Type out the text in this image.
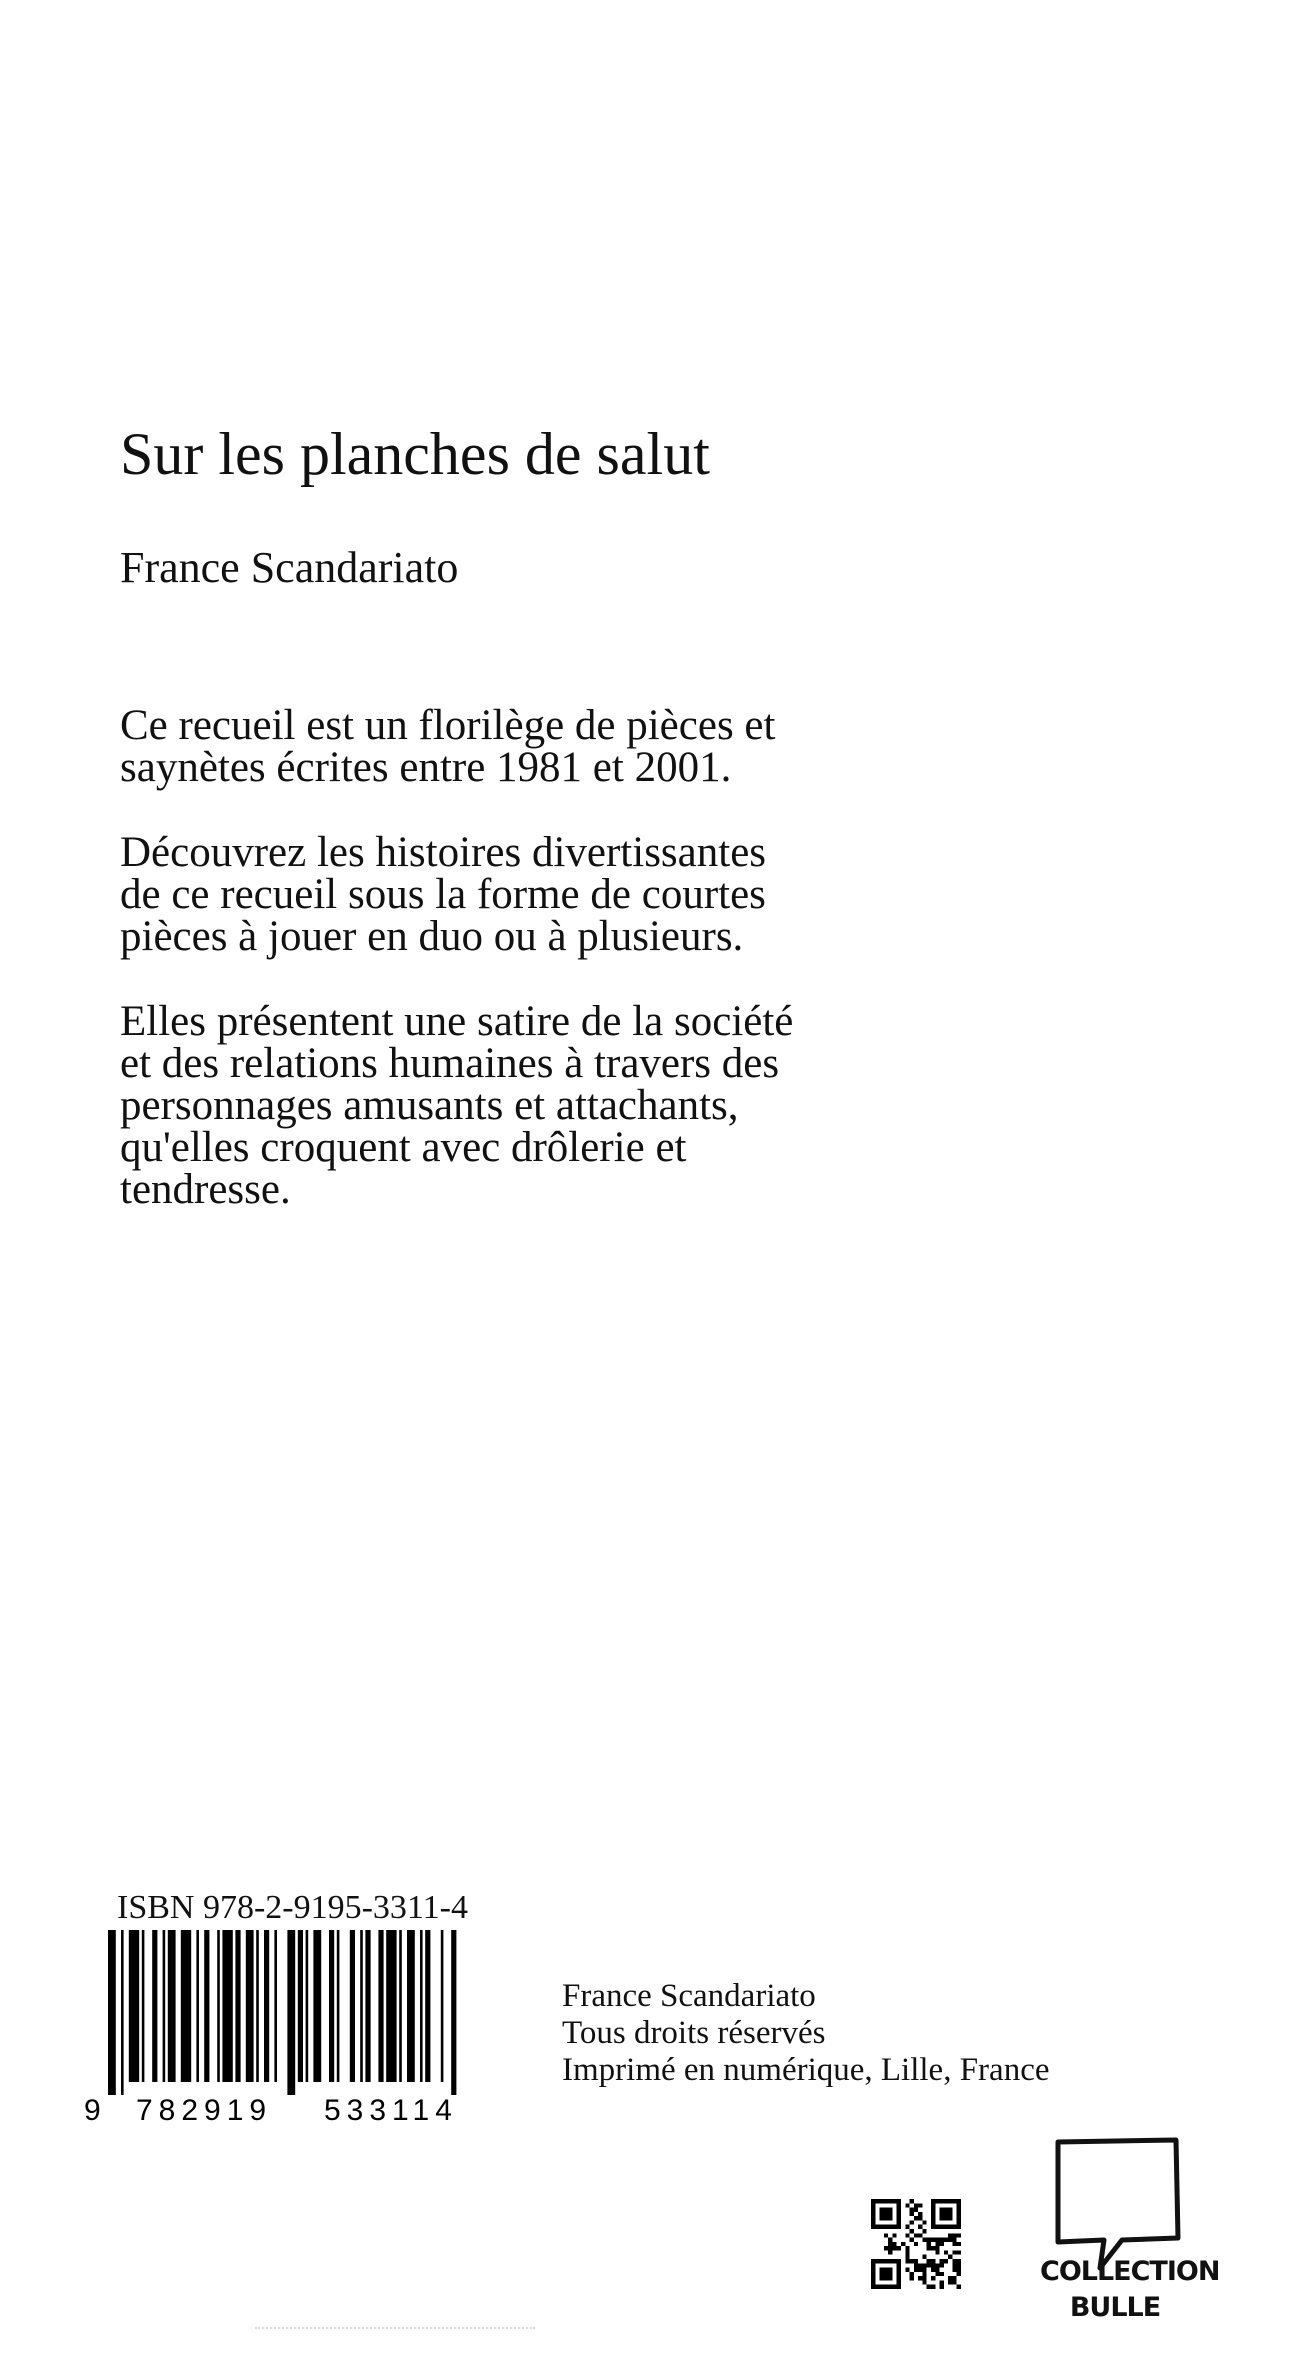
Sur les planches de salut
France Scandariato

Ce recueil est un florilège de pièces et
saynètes écrites entre 1981 et 2001.

Découvrez les histoires divertissantes
de ce recueil sous la forme de courtes
pièces à jouer en duo ou à plusieurs.

Elles présentent une satire de la société
et des relations humaines à travers des
personnages amusants et attachants,
qu'elles croquent avec drôlerie et
tendresse.

ISBN 978-2-9195-3311-4
9 782919 533114
France Scandariato
Tous droits réservés
Imprimé en numérique, Lille, France
COLLECTION
BULLE
